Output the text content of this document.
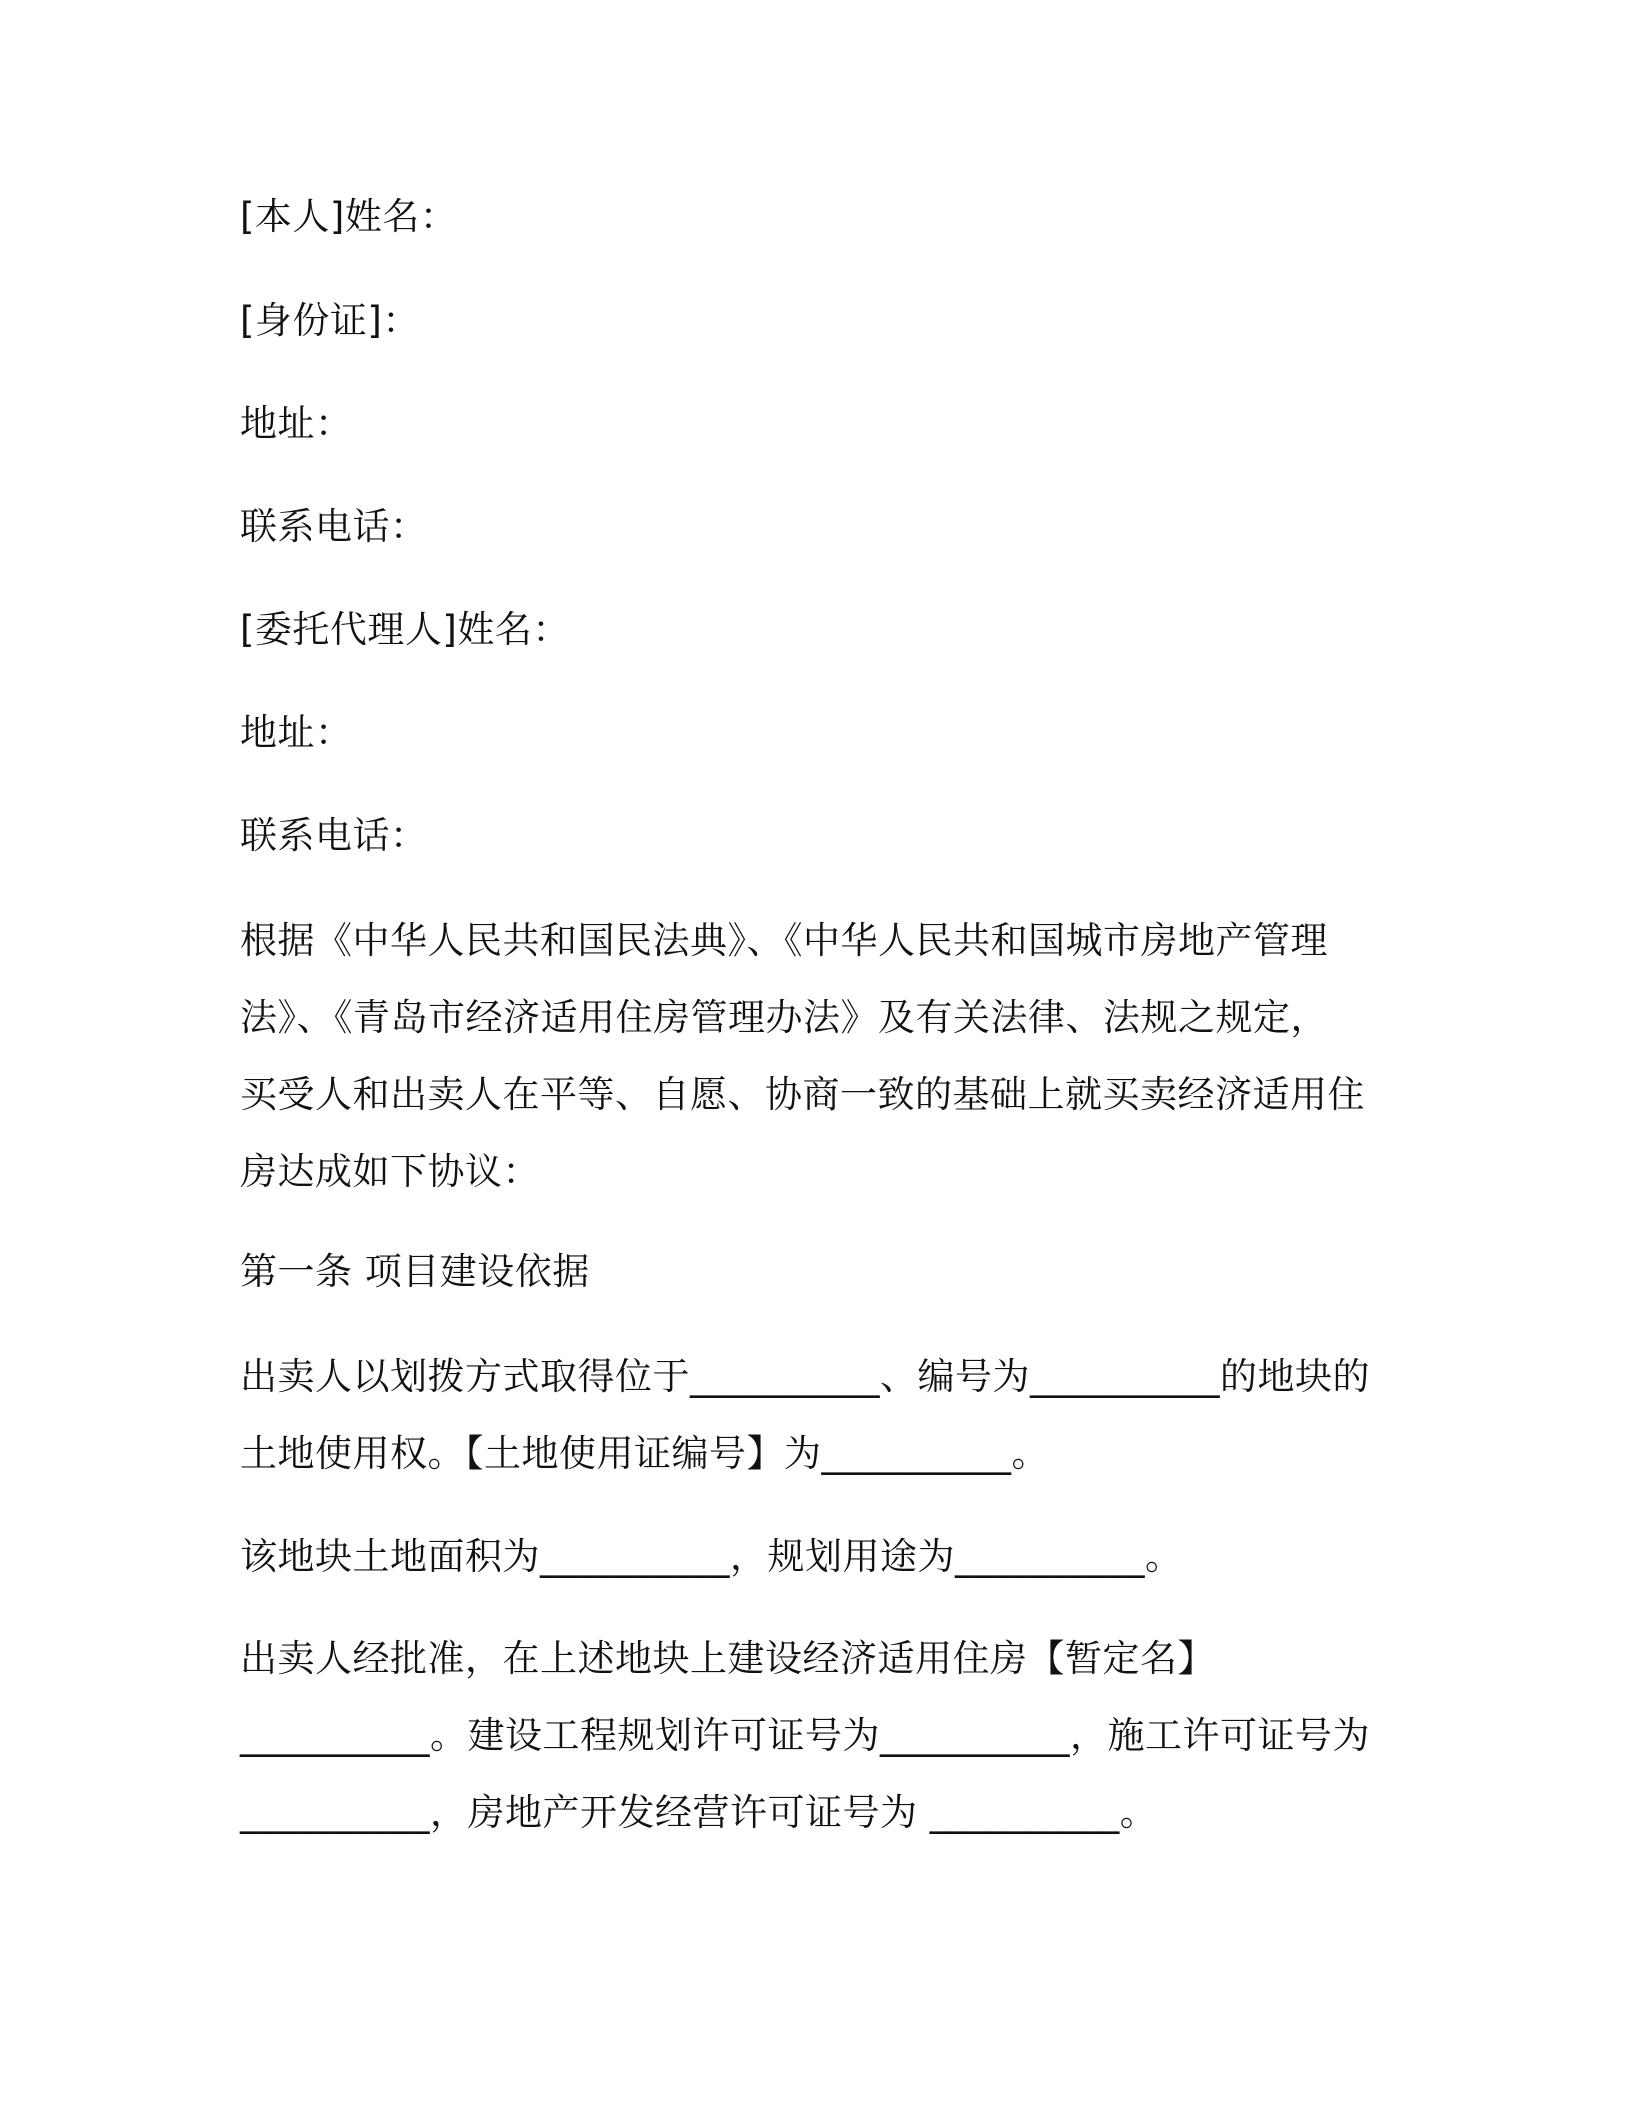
[本人]姓名：
[身份证]：
地址：
联系电话：
[委托代理人]姓名：
地址：
联系电话：
根据《中华人民共和国民法典》、《中华人民共和国城市房地产管理
法》、《青岛市经济适用住房管理办法》及有关法律、法规之规定，
买受人和出卖人在平等、自愿、协商一致的基础上就买卖经济适用住
房达成如下协议：
第一条 项目建设依据
出卖人以划拨方式取得位于__________、编号为__________的地块的
土地使用权。【土地使用证编号】为__________。
该地块土地面积为__________，规划用途为__________。
出卖人经批准，在上述地块上建设经济适用住房【暂定名】
__________。建设工程规划许可证号为__________，施工许可证号为
__________，房地产开发经营许可证号为 __________。
